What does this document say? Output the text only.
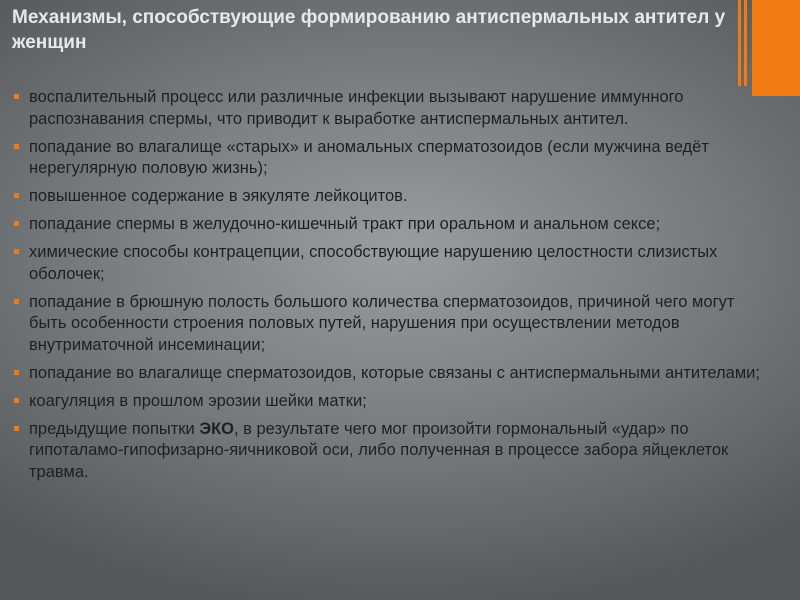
Механизмы, способствующие формированию антиспермальных антител у женщин
воспалительный процесс или различные инфекции вызывают нарушение иммунного распознавания спермы, что приводит к выработке антиспермальных антител.
попадание во влагалище «старых» и аномальных сперматозоидов (если мужчина ведёт нерегулярную половую жизнь);
повышенное содержание в эякуляте лейкоцитов.
попадание спермы в желудочно-кишечный тракт при оральном и анальном сексе;
химические способы контрацепции, способствующие нарушению целостности слизистых оболочек;
попадание в брюшную полость большого количества сперматозоидов, причиной чего могут быть особенности строения половых путей, нарушения при осуществлении методов внутриматочной инсеминации;
попадание во влагалище сперматозоидов, которые связаны с антиспермальными антителами;
коагуляция в прошлом эрозии шейки матки;
предыдущие попытки ЭКО, в результате чего мог произойти гормональный «удар» по гипоталамо-гипофизарно-яичниковой оси, либо полученная в процессе забора яйцеклеток травма.
